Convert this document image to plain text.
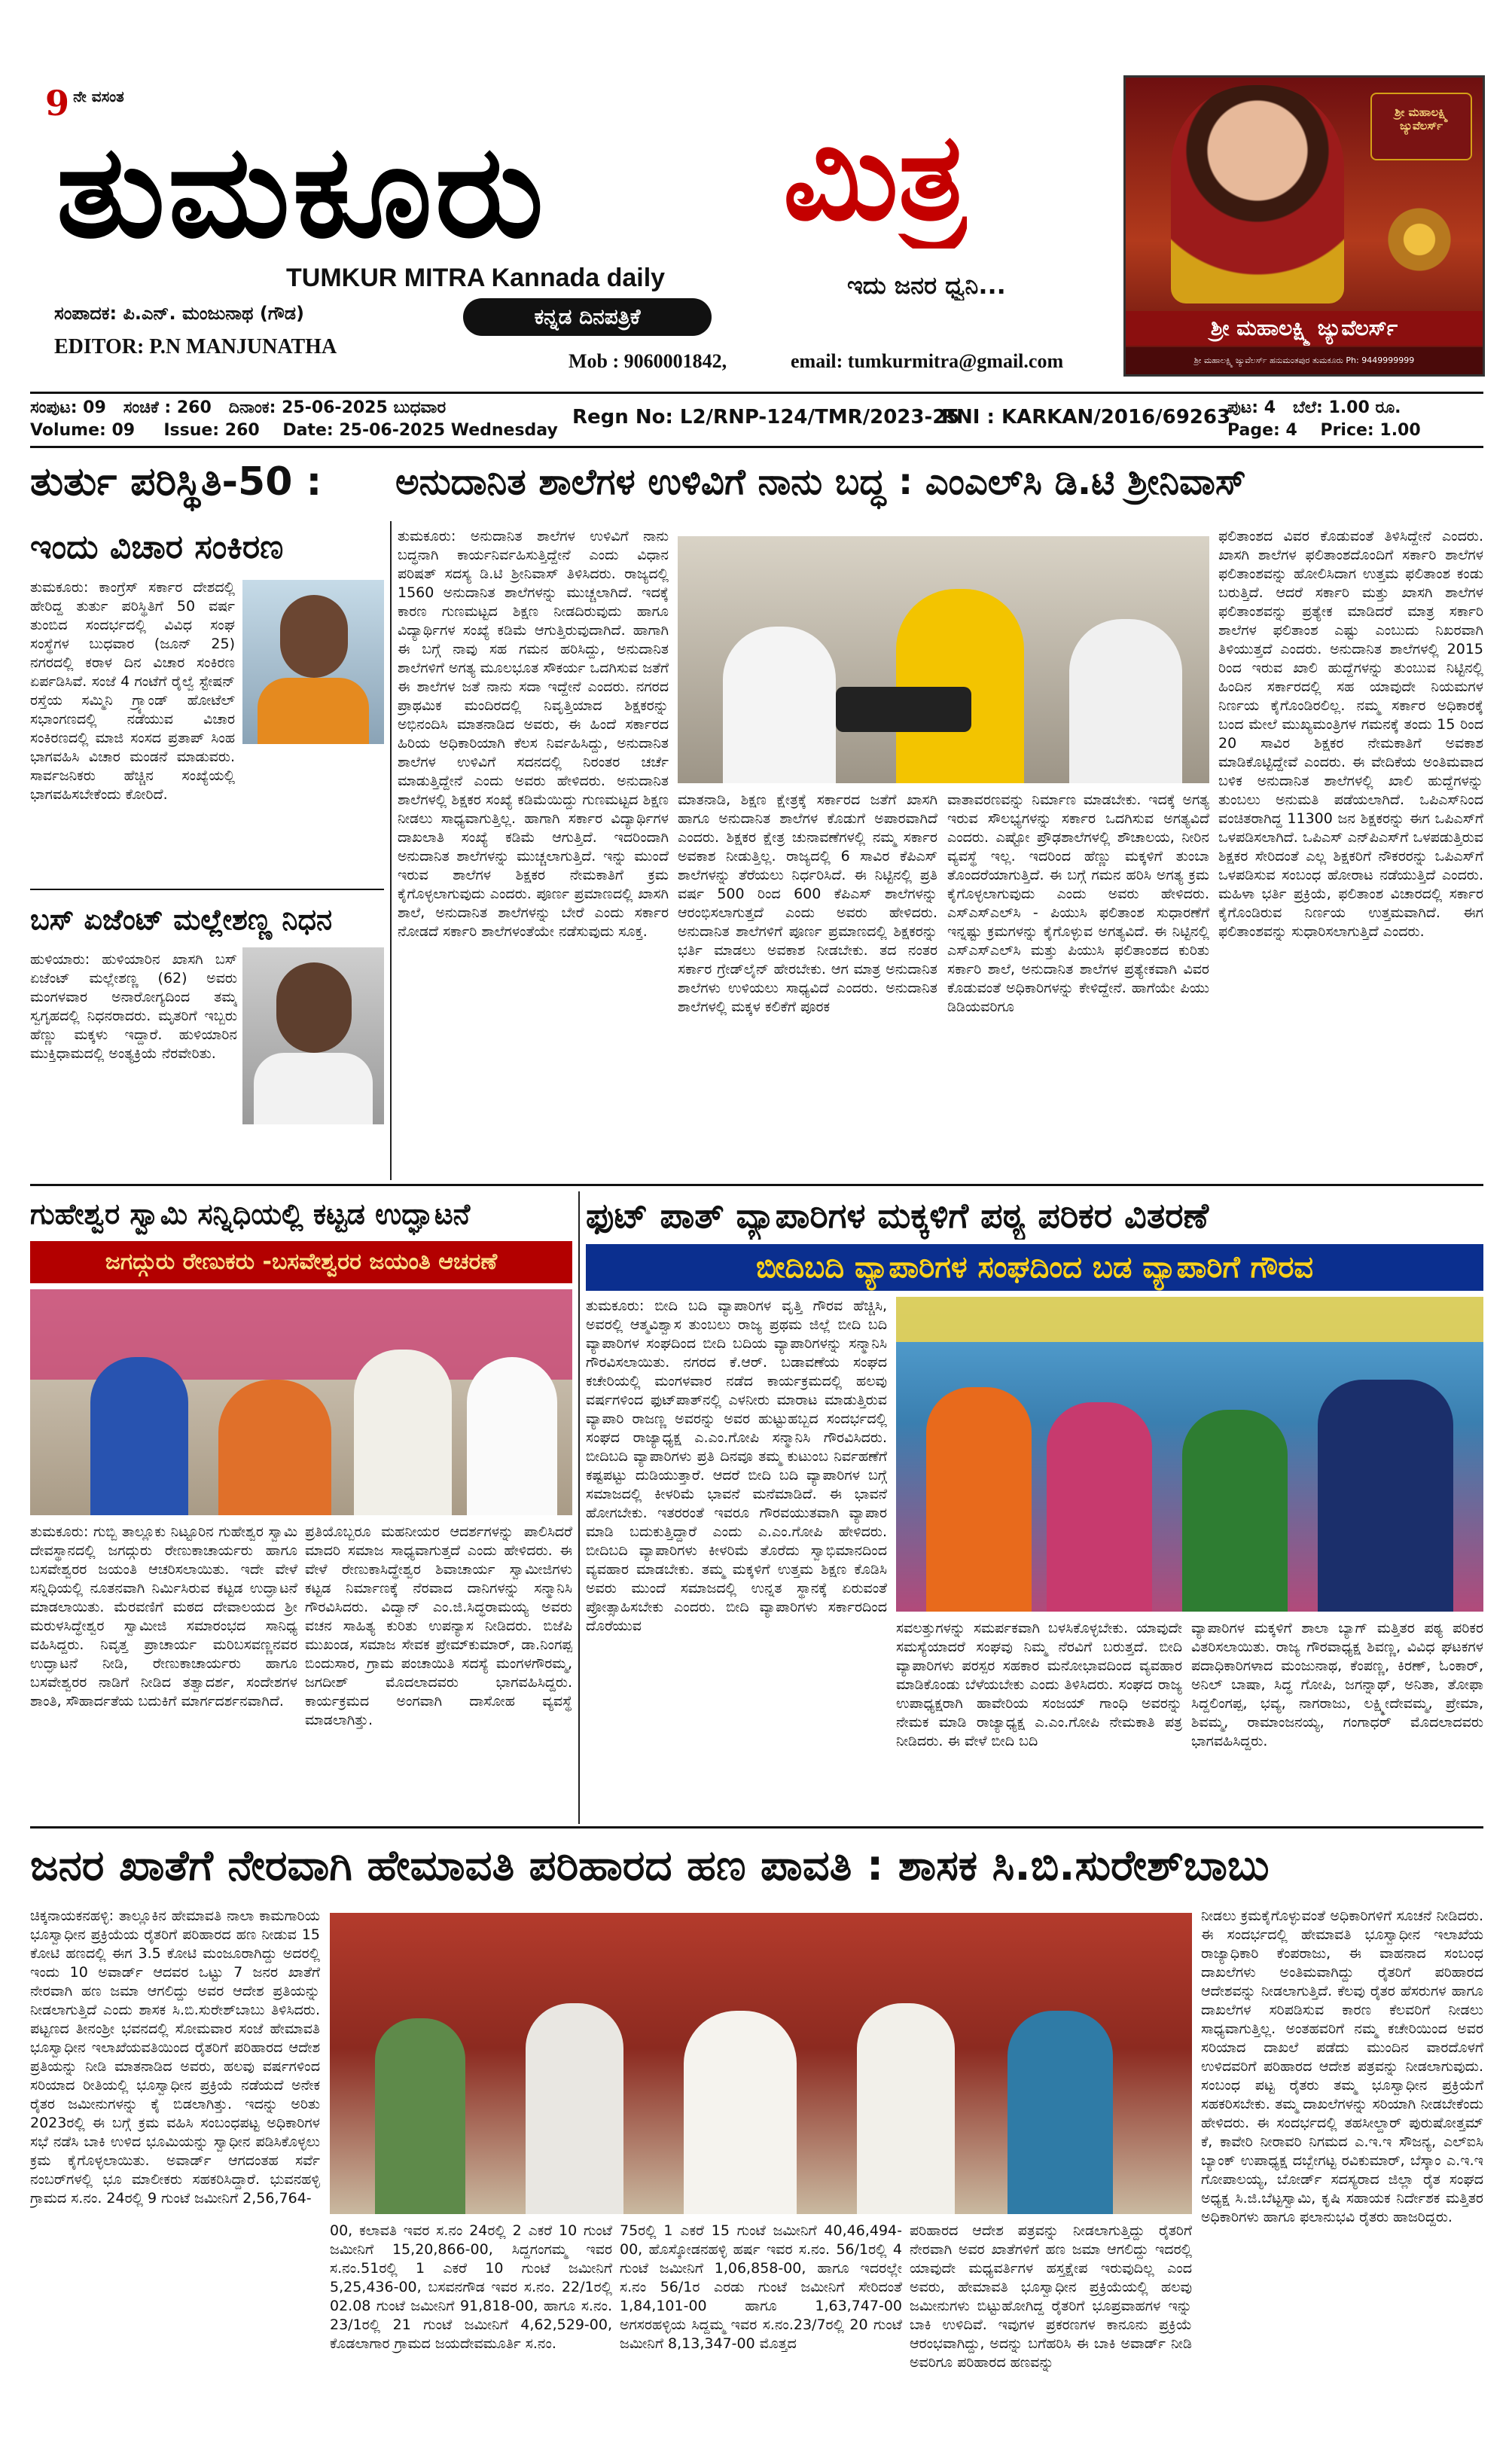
9 ನೇ ವಸಂತ
ತುಮಕೂರು ಮಿತ್ರ
TUMKUR MITRA Kannada daily	ಇದು ಜನರ ಧ್ವನಿ...
ಸಂಪಾದಕ: ಪಿ.ಎನ್. ಮಂಜುನಾಥ (ಗೌಡ)
EDITOR: P.N MANJUNATHA
ಕನ್ನಡ ದಿನಪತ್ರಿಕೆ
Mob : 9060001842,	email: tumkurmitra@gmail.com
ಶ್ರೀ ಮಹಾಲಕ್ಷ್ಮಿ ಜ್ಯುವೆಲರ್ಸ್
ಶ್ರೀ ಮಹಾಲಕ್ಷ್ಮಿ ಜ್ಯುವೆಲರ್ಸ್
ಶ್ರೀ ಮಹಾಲಕ್ಷ್ಮಿ ಜ್ಯುವೆಲರ್ಸ್ ಹನುಮಂತಪುರ ತುಮಕೂರು Ph: 9449999999
ಸಂಪುಟ: 09   ಸಂಚಿಕೆ : 260   ದಿನಾಂಕ: 25-06-2025 ಬುಧವಾರ
Volume: 09     Issue: 260    Date: 25-06-2025 Wednesday
Regn No: L2/RNP-124/TMR/2023-25
RNI : KARKAN/2016/69263
ಪುಟ: 4   ಬೆಲೆ: 1.00 ರೂ.
Page: 4    Price: 1.00
ತುರ್ತು ಪರಿಸ್ಥಿತಿ-50 :	ಅನುದಾನಿತ ಶಾಲೆಗಳ ಉಳಿವಿಗೆ ನಾನು ಬದ್ಧ : ಎಂಎಲ್‌ಸಿ ಡಿ.ಟಿ ಶ್ರೀನಿವಾಸ್
ಇಂದು ವಿಚಾರ ಸಂಕಿರಣ
ತುಮಕೂರು: ಕಾಂಗ್ರೆಸ್ ಸರ್ಕಾರ ದೇಶದಲ್ಲಿ ಹೇರಿದ್ದ ತುರ್ತು ಪರಿಸ್ಥಿತಿಗೆ 50 ವರ್ಷ ತುಂಬಿದ ಸಂದರ್ಭದಲ್ಲಿ ವಿವಿಧ ಸಂಘ ಸಂಸ್ಥೆಗಳ ಬುಧವಾರ (ಜೂನ್ 25) ನಗರದಲ್ಲಿ ಕರಾಳ ದಿನ ವಿಚಾರ ಸಂಕಿರಣ ಏರ್ಪಡಿಸಿವೆ. ಸಂಜೆ 4 ಗಂಟೆಗೆ ರೈಲ್ವೆ ಸ್ಟೇಷನ್ ರಸ್ತೆಯ ಸಮ್ಮಿನಿ ಗ್ರ್ಯಾಂಡ್ ಹೋಟೆಲ್ ಸಭಾಂಗಣದಲ್ಲಿ ನಡೆಯುವ ವಿಚಾರ ಸಂಕಿರಣದಲ್ಲಿ ಮಾಜಿ ಸಂಸದ ಪ್ರತಾಪ್ ಸಿಂಹ ಭಾಗವಹಿಸಿ ವಿಚಾರ ಮಂಡನೆ ಮಾಡುವರು. ಸಾರ್ವಜನಿಕರು ಹೆಚ್ಚಿನ ಸಂಖ್ಯೆಯಲ್ಲಿ ಭಾಗವಹಿಸಬೇಕೆಂದು ಕೋರಿದೆ.
ಬಸ್ ಏಜೆಂಟ್ ಮಲ್ಲೇಶಣ್ಣ ನಿಧನ
ಹುಳಿಯಾರು: ಹುಳಿಯಾರಿನ ಖಾಸಗಿ ಬಸ್ ಏಜೆಂಟ್ ಮಲ್ಲೇಶಣ್ಣ (62) ಅವರು ಮಂಗಳವಾರ ಅನಾರೋಗ್ಯದಿಂದ ತಮ್ಮ ಸ್ವಗೃಹದಲ್ಲಿ ನಿಧನರಾದರು. ಮೃತರಿಗೆ ಇಬ್ಬರು ಹೆಣ್ಣು ಮಕ್ಕಳು ಇದ್ದಾರೆ. ಹುಳಿಯಾರಿನ ಮುಕ್ತಿಧಾಮದಲ್ಲಿ ಅಂತ್ಯಕ್ರಿಯೆ ನೆರವೇರಿತು.
ತುಮಕೂರು: ಅನುದಾನಿತ ಶಾಲೆಗಳ ಉಳಿವಿಗೆ ನಾನು ಬದ್ಧನಾಗಿ ಕಾರ್ಯನಿರ್ವಹಿಸುತ್ತಿದ್ದೇನೆ ಎಂದು ವಿಧಾನ ಪರಿಷತ್ ಸದಸ್ಯ ಡಿ.ಟಿ ಶ್ರೀನಿವಾಸ್ ತಿಳಿಸಿದರು. ರಾಜ್ಯದಲ್ಲಿ 1560 ಅನುದಾನಿತ ಶಾಲೆಗಳನ್ನು ಮುಚ್ಚಲಾಗಿದೆ. ಇದಕ್ಕೆ ಕಾರಣ ಗುಣಮಟ್ಟದ ಶಿಕ್ಷಣ ನೀಡದಿರುವುದು ಹಾಗೂ ವಿದ್ಯಾರ್ಥಿಗಳ ಸಂಖ್ಯೆ ಕಡಿಮೆ ಆಗುತ್ತಿರುವುದಾಗಿದೆ. ಹಾಗಾಗಿ ಈ ಬಗ್ಗೆ ನಾವು ಸಹ ಗಮನ ಹರಿಸಿದ್ದು, ಅನುದಾನಿತ ಶಾಲೆಗಳಿಗೆ ಅಗತ್ಯ ಮೂಲಭೂತ ಸೌಕರ್ಯ ಒದಗಿಸುವ ಜತೆಗೆ ಈ ಶಾಲೆಗಳ ಜತೆ ನಾನು ಸದಾ ಇದ್ದೇನೆ ಎಂದರು. ನಗರದ ಪ್ರಾಥಮಿಕ ಮಂದಿರದಲ್ಲಿ ನಿವೃತ್ತಿಯಾದ ಶಿಕ್ಷಕರನ್ನು ಅಭಿನಂದಿಸಿ ಮಾತನಾಡಿದ ಅವರು, ಈ ಹಿಂದೆ ಸರ್ಕಾರದ ಹಿರಿಯ ಅಧಿಕಾರಿಯಾಗಿ ಕೆಲಸ ನಿರ್ವಹಿಸಿದ್ದು, ಅನುದಾನಿತ ಶಾಲೆಗಳ ಉಳಿವಿಗೆ ಸದನದಲ್ಲಿ ನಿರಂತರ ಚರ್ಚೆ ಮಾಡುತ್ತಿದ್ದೇನೆ ಎಂದು ಅವರು ಹೇಳಿದರು. ಅನುದಾನಿತ ಶಾಲೆಗಳಲ್ಲಿ ಶಿಕ್ಷಕರ ಸಂಖ್ಯೆ ಕಡಿಮೆಯಿದ್ದು ಗುಣಮಟ್ಟದ ಶಿಕ್ಷಣ ನೀಡಲು ಸಾಧ್ಯವಾಗುತ್ತಿಲ್ಲ. ಹಾಗಾಗಿ ಸರ್ಕಾರ ವಿದ್ಯಾರ್ಥಿಗಳ ದಾಖಲಾತಿ ಸಂಖ್ಯೆ ಕಡಿಮೆ ಆಗುತ್ತಿದೆ. ಇದರಿಂದಾಗಿ ಅನುದಾನಿತ ಶಾಲೆಗಳನ್ನು ಮುಚ್ಚಲಾಗುತ್ತಿದೆ. ಇನ್ನು ಮುಂದೆ ಇರುವ ಶಾಲೆಗಳ ಶಿಕ್ಷಕರ ನೇಮಕಾತಿಗೆ ಕ್ರಮ ಕೈಗೊಳ್ಳಲಾಗುವುದು ಎಂದರು. ಪೂರ್ಣ ಪ್ರಮಾಣದಲ್ಲಿ ಖಾಸಗಿ ಶಾಲೆ, ಅನುದಾನಿತ ಶಾಲೆಗಳನ್ನು ಬೇರೆ ಎಂದು ಸರ್ಕಾರ ನೋಡದೆ ಸರ್ಕಾರಿ ಶಾಲೆಗಳಂತೆಯೇ ನಡೆಸುವುದು ಸೂಕ್ತ.
ಮಾತನಾಡಿ, ಶಿಕ್ಷಣ ಕ್ಷೇತ್ರಕ್ಕೆ ಸರ್ಕಾರದ ಜತೆಗೆ ಖಾಸಗಿ ಹಾಗೂ ಅನುದಾನಿತ ಶಾಲೆಗಳ ಕೊಡುಗೆ ಅಪಾರವಾಗಿದೆ ಎಂದರು. ಶಿಕ್ಷಕರ ಕ್ಷೇತ್ರ ಚುನಾವಣೆಗಳಲ್ಲಿ ನಮ್ಮ ಸರ್ಕಾರ ಅವಕಾಶ ನೀಡುತ್ತಿಲ್ಲ. ರಾಜ್ಯದಲ್ಲಿ 6 ಸಾವಿರ ಕೆಪಿಎಸ್ ಶಾಲೆಗಳನ್ನು ತೆರೆಯಲು ನಿರ್ಧರಿಸಿದೆ. ಈ ನಿಟ್ಟಿನಲ್ಲಿ ಪ್ರತಿ ವರ್ಷ 500 ರಿಂದ 600 ಕೆಪಿಎಸ್ ಶಾಲೆಗಳನ್ನು ಆರಂಭಿಸಲಾಗುತ್ತದೆ ಎಂದು ಅವರು ಹೇಳಿದರು. ಅನುದಾನಿತ ಶಾಲೆಗಳಿಗೆ ಪೂರ್ಣ ಪ್ರಮಾಣದಲ್ಲಿ ಶಿಕ್ಷಕರನ್ನು ಭರ್ತಿ ಮಾಡಲು ಅವಕಾಶ ನೀಡಬೇಕು. ತದ ನಂತರ ಸರ್ಕಾರ ಗ್ರೇಡ್‌ಲೈನ್ ಹೇರಬೇಕು. ಆಗ ಮಾತ್ರ ಅನುದಾನಿತ ಶಾಲೆಗಳು ಉಳಿಯಲು ಸಾಧ್ಯವಿದೆ ಎಂದರು. ಅನುದಾನಿತ ಶಾಲೆಗಳಲ್ಲಿ ಮಕ್ಕಳ ಕಲಿಕೆಗೆ ಪೂರಕ
ವಾತಾವರಣವನ್ನು ನಿರ್ಮಾಣ ಮಾಡಬೇಕು. ಇದಕ್ಕೆ ಅಗತ್ಯ ಇರುವ ಸೌಲಭ್ಯಗಳನ್ನು ಸರ್ಕಾರ ಒದಗಿಸುವ ಅಗತ್ಯವಿದೆ ಎಂದರು. ಎಷ್ಟೋ ಪ್ರೌಢಶಾಲೆಗಳಲ್ಲಿ ಶೌಚಾಲಯ, ನೀರಿನ ವ್ಯವಸ್ಥೆ ಇಲ್ಲ. ಇದರಿಂದ ಹೆಣ್ಣು ಮಕ್ಕಳಿಗೆ ತುಂಬಾ ತೊಂದರೆಯಾಗುತ್ತಿದೆ. ಈ ಬಗ್ಗೆ ಗಮನ ಹರಿಸಿ ಅಗತ್ಯ ಕ್ರಮ ಕೈಗೊಳ್ಳಲಾಗುವುದು ಎಂದು ಅವರು ಹೇಳಿದರು. ಎಸ್ಎಸ್ಎಲ್‌ಸಿ - ಪಿಯುಸಿ ಫಲಿತಾಂಶ ಸುಧಾರಣೆಗೆ ಇನ್ನಷ್ಟು ಕ್ರಮಗಳನ್ನು ಕೈಗೊಳ್ಳುವ ಅಗತ್ಯವಿದೆ. ಈ ನಿಟ್ಟಿನಲ್ಲಿ ಎಸ್ಎಸ್ಎಲ್‌ಸಿ ಮತ್ತು ಪಿಯುಸಿ ಫಲಿತಾಂಶದ ಕುರಿತು ಸರ್ಕಾರಿ ಶಾಲೆ, ಅನುದಾನಿತ ಶಾಲೆಗಳ ಪ್ರತ್ಯೇಕವಾಗಿ ವಿವರ ಕೊಡುವಂತೆ ಅಧಿಕಾರಿಗಳನ್ನು ಕೇಳಿದ್ದೇನೆ. ಹಾಗೆಯೇ ಪಿಯು ಡಿಡಿಯವರಿಗೂ
ಫಲಿತಾಂಶದ ವಿವರ ಕೊಡುವಂತೆ ತಿಳಿಸಿದ್ದೇನೆ ಎಂದರು. ಖಾಸಗಿ ಶಾಲೆಗಳ ಫಲಿತಾಂಶದೊಂದಿಗೆ ಸರ್ಕಾರಿ ಶಾಲೆಗಳ ಫಲಿತಾಂಶವನ್ನು ಹೋಲಿಸಿದಾಗ ಉತ್ತಮ ಫಲಿತಾಂಶ ಕಂಡು ಬರುತ್ತಿದೆ. ಆದರೆ ಸರ್ಕಾರಿ ಮತ್ತು ಖಾಸಗಿ ಶಾಲೆಗಳ ಫಲಿತಾಂಶವನ್ನು ಪ್ರತ್ಯೇಕ ಮಾಡಿದರೆ ಮಾತ್ರ ಸರ್ಕಾರಿ ಶಾಲೆಗಳ ಫಲಿತಾಂಶ ಎಷ್ಟು ಎಂಬುದು ನಿಖರವಾಗಿ ತಿಳಿಯುತ್ತದೆ ಎಂದರು. ಅನುದಾನಿತ ಶಾಲೆಗಳಲ್ಲಿ 2015 ರಿಂದ ಇರುವ ಖಾಲಿ ಹುದ್ದೆಗಳನ್ನು ತುಂಬುವ ನಿಟ್ಟಿನಲ್ಲಿ ಹಿಂದಿನ ಸರ್ಕಾರದಲ್ಲಿ ಸಹ ಯಾವುದೇ ನಿಯಮಗಳ ನಿರ್ಣಯ ಕೈಗೊಂಡಿರಲಿಲ್ಲ. ನಮ್ಮ ಸರ್ಕಾರ ಅಧಿಕಾರಕ್ಕೆ ಬಂದ ಮೇಲೆ ಮುಖ್ಯಮಂತ್ರಿಗಳ ಗಮನಕ್ಕೆ ತಂದು 15 ರಿಂದ 20 ಸಾವಿರ ಶಿಕ್ಷಕರ ನೇಮಕಾತಿಗೆ ಅವಕಾಶ ಮಾಡಿಕೊಟ್ಟಿದ್ದೇವೆ ಎಂದರು. ಈ ವೇದಿಕೆಯ ಅಂತಿಮವಾದ ಬಳಿಕ ಅನುದಾನಿತ ಶಾಲೆಗಳಲ್ಲಿ ಖಾಲಿ ಹುದ್ದೆಗಳನ್ನು ತುಂಬಲು ಅನುಮತಿ ಪಡೆಯಲಾಗಿದೆ. ಒಪಿಎಸ್‌ನಿಂದ ವಂಚಿತರಾಗಿದ್ದ 11300 ಜನ ಶಿಕ್ಷಕರನ್ನು ಈಗ ಒಪಿಎಸ್‌ಗೆ ಒಳಪಡಿಸಲಾಗಿದೆ. ಒಪಿಎಸ್ ಎನ್‌ಪಿಎಸ್‌ಗೆ ಒಳಪಡುತ್ತಿರುವ ಶಿಕ್ಷಕರ ಸೇರಿದಂತೆ ಎಲ್ಲ ಶಿಕ್ಷಕರಿಗೆ ನೌಕರರನ್ನು ಒಪಿಎಸ್‌ಗೆ ಒಳಪಡಿಸುವ ಸಂಬಂಧ ಹೋರಾಟ ನಡೆಯುತ್ತಿದೆ ಎಂದರು. ಮಹಿಳಾ ಭರ್ತಿ ಪ್ರಕ್ರಿಯೆ, ಫಲಿತಾಂಶ ವಿಚಾರದಲ್ಲಿ ಸರ್ಕಾರ ಕೈಗೊಂಡಿರುವ ನಿರ್ಣಯ ಉತ್ತಮವಾಗಿದೆ. ಈಗ ಫಲಿತಾಂಶವನ್ನು ಸುಧಾರಿಸಲಾಗುತ್ತಿದೆ ಎಂದರು.
ಗುಹೇಶ್ವರ ಸ್ವಾಮಿ ಸನ್ನಿಧಿಯಲ್ಲಿ ಕಟ್ಟಡ ಉದ್ಘಾಟನೆ
ಜಗದ್ಗುರು ರೇಣುಕರು -ಬಸವೇಶ್ವರರ ಜಯಂತಿ ಆಚರಣೆ
ತುಮಕೂರು: ಗುಬ್ಬಿ ತಾಲ್ಲೂಕು ನಿಟ್ಟೂರಿನ ಗುಹೇಶ್ವರ ಸ್ವಾಮಿ ದೇವಸ್ಥಾನದಲ್ಲಿ ಜಗದ್ಗುರು ರೇಣುಕಾಚಾರ್ಯರು ಹಾಗೂ ಬಸವೇಶ್ವರರ ಜಯಂತಿ ಆಚರಿಸಲಾಯಿತು. ಇದೇ ವೇಳೆ ಸನ್ನಿಧಿಯಲ್ಲಿ ನೂತನವಾಗಿ ನಿರ್ಮಿಸಿರುವ ಕಟ್ಟಡ ಉದ್ಘಾಟನೆ ಮಾಡಲಾಯಿತು. ಮೆರವಣಿಗೆ ಮಠದ ದೇವಾಲಯದ ಶ್ರೀ ಮರುಳಸಿದ್ಧೇಶ್ವರ ಸ್ವಾಮೀಜಿ ಸಮಾರಂಭದ ಸಾನಿಧ್ಯ ವಹಿಸಿದ್ದರು. ನಿವೃತ್ತ ಪ್ರಾಚಾರ್ಯ ಮರಿಬಸವಣ್ಣನವರ ಉದ್ಘಾಟನೆ ನೀಡಿ, ರೇಣುಕಾಚಾರ್ಯರು ಹಾಗೂ ಬಸವೇಶ್ವರರ ನಾಡಿಗೆ ನೀಡಿದ ತತ್ವಾದರ್ಶ, ಸಂದೇಶಗಳ ಶಾಂತಿ, ಸೌಹಾರ್ದತೆಯ ಬದುಕಿಗೆ ಮಾರ್ಗದರ್ಶನವಾಗಿದೆ.
ಪ್ರತಿಯೊಬ್ಬರೂ ಮಹನೀಯರ ಆದರ್ಶಗಳನ್ನು ಪಾಲಿಸಿದರೆ ಮಾದರಿ ಸಮಾಜ ಸಾಧ್ಯವಾಗುತ್ತದೆ ಎಂದು ಹೇಳಿದರು. ಈ ವೇಳೆ ರೇಣುಕಾಸಿದ್ಧೇಶ್ವರ ಶಿವಾಚಾರ್ಯ ಸ್ವಾಮೀಜಿಗಳು ಕಟ್ಟಡ ನಿರ್ಮಾಣಕ್ಕೆ ನೆರವಾದ ದಾನಿಗಳನ್ನು ಸನ್ಮಾನಿಸಿ ಗೌರವಿಸಿದರು. ವಿದ್ವಾನ್ ಎಂ.ಜಿ.ಸಿದ್ಧರಾಮಯ್ಯ ಅವರು ವಚನ ಸಾಹಿತ್ಯ ಕುರಿತು ಉಪನ್ಯಾಸ ನೀಡಿದರು. ಬಿಜೆಪಿ ಮುಖಂಡ, ಸಮಾಜ ಸೇವಕ ಪ್ರೇಮ್‌ಕುಮಾರ್, ಡಾ.ನಿಂಗಪ್ಪ ಬಿಂದುಸಾರ, ಗ್ರಾಮ ಪಂಚಾಯಿತಿ ಸದಸ್ಯೆ ಮಂಗಳಗೌರಮ್ಮ, ಜಗದೀಶ್ ಮೊದಲಾದವರು ಭಾಗವಹಿಸಿದ್ದರು. ಕಾರ್ಯಕ್ರಮದ ಅಂಗವಾಗಿ ದಾಸೋಹ ವ್ಯವಸ್ಥೆ ಮಾಡಲಾಗಿತ್ತು.
ಫುಟ್ ಪಾತ್ ವ್ಯಾಪಾರಿಗಳ ಮಕ್ಕಳಿಗೆ ಪಠ್ಯ ಪರಿಕರ ವಿತರಣೆ
ಬೀದಿಬದಿ ವ್ಯಾಪಾರಿಗಳ ಸಂಘದಿಂದ ಬಡ ವ್ಯಾಪಾರಿಗೆ ಗೌರವ
ತುಮಕೂರು: ಬೀದಿ ಬದಿ ವ್ಯಾಪಾರಿಗಳ ವೃತ್ತಿ ಗೌರವ ಹೆಚ್ಚಿಸಿ, ಅವರಲ್ಲಿ ಆತ್ಮವಿಶ್ವಾಸ ತುಂಬಲು ರಾಜ್ಯ ಪ್ರಥಮ ಜಿಲ್ಲೆ ಬೀದಿ ಬದಿ ವ್ಯಾಪಾರಿಗಳ ಸಂಘದಿಂದ ಬೀದಿ ಬದಿಯ ವ್ಯಾಪಾರಿಗಳನ್ನು ಸನ್ಮಾನಿಸಿ ಗೌರವಿಸಲಾಯಿತು. ನಗರದ ಕೆ.ಆರ್. ಬಡಾವಣೆಯ ಸಂಘದ ಕಚೇರಿಯಲ್ಲಿ ಮಂಗಳವಾರ ನಡೆದ ಕಾರ್ಯಕ್ರಮದಲ್ಲಿ ಹಲವು ವರ್ಷಗಳಿಂದ ಫುಟ್‌ಪಾತ್‌ನಲ್ಲಿ ಎಳನೀರು ಮಾರಾಟ ಮಾಡುತ್ತಿರುವ ವ್ಯಾಪಾರಿ ರಾಜಣ್ಣ ಅವರನ್ನು ಅವರ ಹುಟ್ಟುಹಬ್ಬದ ಸಂದರ್ಭದಲ್ಲಿ ಸಂಘದ ರಾಜ್ಯಾಧ್ಯಕ್ಷ ಎ.ಎಂ.ಗೋಪಿ ಸನ್ಮಾನಿಸಿ ಗೌರವಿಸಿದರು. ಬೀದಿಬದಿ ವ್ಯಾಪಾರಿಗಳು ಪ್ರತಿ ದಿನವೂ ತಮ್ಮ ಕುಟುಂಬ ನಿರ್ವಹಣೆಗೆ ಕಷ್ಟಪಟ್ಟು ದುಡಿಯುತ್ತಾರೆ. ಆದರೆ ಬೀದಿ ಬದಿ ವ್ಯಾಪಾರಿಗಳ ಬಗ್ಗೆ ಸಮಾಜದಲ್ಲಿ ಕೀಳರಿಮೆ ಭಾವನೆ ಮನೆಮಾಡಿದೆ. ಈ ಭಾವನೆ ಹೋಗಬೇಕು. ಇತರರಂತೆ ಇವರೂ ಗೌರವಯುತವಾಗಿ ವ್ಯಾಪಾರ ಮಾಡಿ ಬದುಕುತ್ತಿದ್ದಾರೆ ಎಂದು ಎ.ಎಂ.ಗೋಪಿ ಹೇಳಿದರು. ಬೀದಿಬದಿ ವ್ಯಾಪಾರಿಗಳು ಕೀಳರಿಮೆ ತೊರೆದು ಸ್ವಾಭಿಮಾನದಿಂದ ವ್ಯವಹಾರ ಮಾಡಬೇಕು. ತಮ್ಮ ಮಕ್ಕಳಿಗೆ ಉತ್ತಮ ಶಿಕ್ಷಣ ಕೊಡಿಸಿ ಅವರು ಮುಂದೆ ಸಮಾಜದಲ್ಲಿ ಉನ್ನತ ಸ್ಥಾನಕ್ಕೆ ಏರುವಂತೆ ಪ್ರೋತ್ಸಾಹಿಸಬೇಕು ಎಂದರು. ಬೀದಿ ವ್ಯಾಪಾರಿಗಳು ಸರ್ಕಾರದಿಂದ ದೊರೆಯುವ	ಸವಲತ್ತುಗಳನ್ನು ಸಮರ್ಪಕವಾಗಿ ಬಳಸಿಕೊಳ್ಳಬೇಕು. ಯಾವುದೇ ಸಮಸ್ಯೆಯಾದರೆ ಸಂಘವು ನಿಮ್ಮ ನೆರವಿಗೆ ಬರುತ್ತದೆ. ಬೀದಿ ವ್ಯಾಪಾರಿಗಳು ಪರಸ್ಪರ ಸಹಕಾರ ಮನೋಭಾವದಿಂದ ವ್ಯವಹಾರ ಮಾಡಿಕೊಂಡು ಬೆಳೆಯಬೇಕು ಎಂದು ತಿಳಿಸಿದರು. ಸಂಘದ ರಾಜ್ಯ ಉಪಾಧ್ಯಕ್ಷರಾಗಿ ಹಾವೇರಿಯ ಸಂಜಯ್ ಗಾಂಧಿ ಅವರನ್ನು ನೇಮಕ ಮಾಡಿ ರಾಜ್ಯಾಧ್ಯಕ್ಷ ಎ.ಎಂ.ಗೋಪಿ ನೇಮಕಾತಿ ಪತ್ರ ನೀಡಿದರು. ಈ ವೇಳೆ ಬೀದಿ ಬದಿ
ವ್ಯಾಪಾರಿಗಳ ಮಕ್ಕಳಿಗೆ ಶಾಲಾ ಬ್ಯಾಗ್ ಮತ್ತಿತರ ಪಠ್ಯ ಪರಿಕರ ವಿತರಿಸಲಾಯಿತು. ರಾಜ್ಯ ಗೌರವಾಧ್ಯಕ್ಷ ಶಿವಣ್ಣ, ವಿವಿಧ ಘಟಕಗಳ ಪದಾಧಿಕಾರಿಗಳಾದ ಮಂಜುನಾಥ, ಕೆಂಪಣ್ಣ, ಕಿರಣ್, ಓಂಕಾರ್, ಅನಿಲ್ ಬಾಷಾ, ಸಿದ್ಧ ಗೋಪಿ, ಜಗನ್ನಾಥ್, ಅನಿತಾ, ತೋಫಾ ಸಿದ್ದಲಿಂಗಪ್ಪ, ಭವ್ಯ, ನಾಗರಾಜು, ಲಕ್ಷ್ಮೀದೇವಮ್ಮ, ಪ್ರೇಮಾ, ಶಿವಮ್ಮ, ರಾಮಾಂಜನಯ್ಯ, ಗಂಗಾಧರ್ ಮೊದಲಾದವರು ಭಾಗವಹಿಸಿದ್ದರು.
ಜನರ ಖಾತೆಗೆ ನೇರವಾಗಿ ಹೇಮಾವತಿ ಪರಿಹಾರದ ಹಣ ಪಾವತಿ : ಶಾಸಕ ಸಿ.ಬಿ.ಸುರೇಶ್‌ಬಾಬು
ಚಿಕ್ಕನಾಯಕನಹಳ್ಳಿ: ತಾಲ್ಲೂಕಿನ ಹೇಮಾವತಿ ನಾಲಾ ಕಾಮಗಾರಿಯ ಭೂಸ್ವಾಧೀನ ಪ್ರಕ್ರಿಯೆಯ ರೈತರಿಗೆ ಪರಿಹಾರದ ಹಣ ನೀಡುವ 15 ಕೋಟಿ ಹಣದಲ್ಲಿ ಈಗ 3.5 ಕೋಟಿ ಮಂಜೂರಾಗಿದ್ದು ಅದರಲ್ಲಿ ಇಂದು 10 ಅವಾರ್ಡ್ ಆದವರ ಒಟ್ಟು 7 ಜನರ ಖಾತೆಗೆ ನೇರವಾಗಿ ಹಣ ಜಮಾ ಆಗಲಿದ್ದು ಅವರ ಆದೇಶ ಪ್ರತಿಯನ್ನು ನೀಡಲಾಗುತ್ತಿದೆ ಎಂದು ಶಾಸಕ ಸಿ.ಬಿ.ಸುರೇಶ್‌ಬಾಬು ತಿಳಿಸಿದರು. ಪಟ್ಟಣದ ತೀನಂಶ್ರೀ ಭವನದಲ್ಲಿ ಸೋಮವಾರ ಸಂಜೆ ಹೇಮಾವತಿ ಭೂಸ್ವಾಧೀನ ಇಲಾಖೆಯವತಿಯಿಂದ ರೈತರಿಗೆ ಪರಿಹಾರದ ಆದೇಶ ಪ್ರತಿಯನ್ನು ನೀಡಿ ಮಾತನಾಡಿದ ಅವರು, ಹಲವು ವರ್ಷಗಳಿಂದ ಸರಿಯಾದ ರೀತಿಯಲ್ಲಿ ಭೂಸ್ವಾಧೀನ ಪ್ರಕ್ರಿಯೆ ನಡೆಯದೆ ಅನೇಕ ರೈತರ ಜಮೀನುಗಳನ್ನು ಕೈ ಬಿಡಲಾಗಿತ್ತು. ಇದನ್ನು ಅರಿತು 2023ರಲ್ಲಿ ಈ ಬಗ್ಗೆ ಕ್ರಮ ವಹಿಸಿ ಸಂಬಂಧಪಟ್ಟ ಅಧಿಕಾರಿಗಳ ಸಭೆ ನಡೆಸಿ ಬಾಕಿ ಉಳಿದ ಭೂಮಿಯನ್ನು ಸ್ವಾಧೀನ ಪಡಿಸಿಕೊಳ್ಳಲು ಕ್ರಮ ಕೈಗೊಳ್ಳಲಾಯಿತು. ಅವಾರ್ಡ್ ಆಗದಂತಹ ಸರ್ವೆ ನಂಬರ್‌ಗಳಲ್ಲಿ ಭೂ ಮಾಲೀಕರು ಸಹಕರಿಸಿದ್ದಾರೆ. ಭುವನಹಳ್ಳಿ ಗ್ರಾಮದ ಸ.ನಂ. 24ರಲ್ಲಿ 9 ಗುಂಟೆ ಜಮೀನಿಗೆ 2,56,764-
00, ಕಲಾವತಿ ಇವರ ಸ.ನಂ 24ರಲ್ಲಿ 2 ಎಕರೆ 10 ಗುಂಟೆ ಜಮೀನಿಗೆ 15,20,866-00, ಸಿದ್ದಗಂಗಮ್ಮ ಇವರ ಸ.ನಂ.51ರಲ್ಲಿ 1 ಎಕರೆ 10 ಗುಂಟೆ ಜಮೀನಿಗೆ 5,25,436-00, ಬಸವನಗೌಡ ಇವರ ಸ.ನಂ. 22/1ರಲ್ಲಿ 02.08 ಗುಂಟೆ ಜಮೀನಿಗೆ 91,818-00, ಹಾಗೂ ಸ.ನಂ. 23/1ರಲ್ಲಿ 21 ಗುಂಟೆ ಜಮೀನಿಗೆ 4,62,529-00, ಕೊಡಲಾಗಾರ ಗ್ರಾಮದ ಜಯದೇವಮೂರ್ತಿ ಸ.ನಂ.
75ರಲ್ಲಿ 1 ಎಕರೆ 15 ಗುಂಟೆ ಜಮೀನಿಗೆ 40,46,494-00, ಹೊಸ್ಕೋಡನಹಳ್ಳಿ ಹರ್ಷ ಇವರ ಸ.ನಂ. 56/1ರಲ್ಲಿ 4 ಗುಂಟೆ ಜಮೀನಿಗೆ 1,06,858-00, ಹಾಗೂ ಇದರಲ್ಲೇ ಸ.ನಂ 56/1ರ ಎರಡು ಗುಂಟೆ ಜಮೀನಿಗೆ ಸೇರಿದಂತೆ 1,84,101-00 ಹಾಗೂ 1,63,747-00 ಅಗಸರಹಳ್ಳಿಯ ಸಿದ್ದಮ್ಮ ಇವರ ಸ.ನಂ.23/7ರಲ್ಲಿ 20 ಗುಂಟೆ ಜಮೀನಿಗೆ 8,13,347-00 ಮೊತ್ತದ
ಪರಿಹಾರದ ಆದೇಶ ಪತ್ರವನ್ನು ನೀಡಲಾಗುತ್ತಿದ್ದು ರೈತರಿಗೆ ನೇರವಾಗಿ ಅವರ ಖಾತೆಗಳಿಗೆ ಹಣ ಜಮಾ ಆಗಲಿದ್ದು ಇದರಲ್ಲಿ ಯಾವುದೇ ಮಧ್ಯವರ್ತಿಗಳ ಹಸ್ತಕ್ಷೇಪ ಇರುವುದಿಲ್ಲ ಎಂದ ಅವರು, ಹೇಮಾವತಿ ಭೂಸ್ವಾಧೀನ ಪ್ರಕ್ರಿಯೆಯಲ್ಲಿ ಹಲವು ಜಮೀನುಗಳು ಬಿಟ್ಟುಹೋಗಿದ್ದ ರೈತರಿಗೆ ಭೂಪ್ರವಾಹಗಳ ಇನ್ನು ಬಾಕಿ ಉಳಿದಿವೆ. ಇವುಗಳ ಪ್ರಕರಣಗಳ ಕಾನೂನು ಪ್ರಕ್ರಿಯೆ ಆರಂಭವಾಗಿದ್ದು, ಅದನ್ನು ಬಗೆಹರಿಸಿ ಈ ಬಾಕಿ ಅವಾರ್ಡ್ ನೀಡಿ ಅವರಿಗೂ ಪರಿಹಾರದ ಹಣವನ್ನು
ನೀಡಲು ಕ್ರಮಕೈಗೊಳ್ಳುವಂತೆ ಅಧಿಕಾರಿಗಳಿಗೆ ಸೂಚನೆ ನೀಡಿದರು. ಈ ಸಂದರ್ಭದಲ್ಲಿ ಹೇಮಾವತಿ ಭೂಸ್ವಾಧೀನ ಇಲಾಖೆಯ ರಾಜ್ಯಾಧಿಕಾರಿ ಕೆಂಪರಾಜು, ಈ ವಾಹನಾದ ಸಂಬಂಧ ದಾಖಲೆಗಳು ಅಂತಿಮವಾಗಿದ್ದು ರೈತರಿಗೆ ಪರಿಹಾರದ ಆದೇಶವನ್ನು ನೀಡಲಾಗುತ್ತಿದೆ. ಕೆಲವು ರೈತರ ಹೆಸರುಗಳ ಹಾಗೂ ದಾಖಲೆಗಳ ಸರಿಪಡಿಸುವ ಕಾರಣ ಕೆಲವರಿಗೆ ನೀಡಲು ಸಾಧ್ಯವಾಗುತ್ತಿಲ್ಲ. ಅಂತಹವರಿಗೆ ನಮ್ಮ ಕಚೇರಿಯಿಂದ ಅವರ ಸರಿಯಾದ ದಾಖಲೆ ಪಡೆದು ಮುಂದಿನ ವಾರದೊಳಗೆ ಉಳಿದವರಿಗೆ ಪರಿಹಾರದ ಆದೇಶ ಪತ್ರವನ್ನು ನೀಡಲಾಗುವುದು. ಸಂಬಂಧ ಪಟ್ಟ ರೈತರು ತಮ್ಮ ಭೂಸ್ವಾಧೀನ ಪ್ರಕ್ರಿಯೆಗೆ ಸಹಕರಿಸಬೇಕು. ತಮ್ಮ ದಾಖಲೆಗಳನ್ನು ಸರಿಯಾಗಿ ನೀಡಬೇಕೆಂದು ಹೇಳಿದರು. ಈ ಸಂದರ್ಭದಲ್ಲಿ ತಹಸೀಲ್ದಾರ್ ಪುರುಷೋತ್ತಮ್ ಕೆ, ಕಾವೇರಿ ನೀರಾವರಿ ನಿಗಮದ ಎ.ಇ.ಇ ಸೌಜನ್ಯ, ಎಲ್‌ಐಸಿ ಬ್ಯಾಂಕ್ ಉಪಾಧ್ಯಕ್ಷ ದಬ್ಬೇಗಟ್ಟ ರವಿಕುಮಾರ್, ಬೆಸ್ಕಾಂ ಎ.ಇ.ಇ ಗೋಪಾಲಯ್ಯ, ಬೋರ್ಡ್ ಸದಸ್ಯರಾದ ಜಿಲ್ಲಾ ರೈತ ಸಂಘದ ಅಧ್ಯಕ್ಷ ಸಿ.ಜಿ.ಬೆಟ್ಟಸ್ವಾಮಿ, ಕೃಷಿ ಸಹಾಯಕ ನಿರ್ದೇಶಕ ಮತ್ತಿತರ ಅಧಿಕಾರಿಗಳು ಹಾಗೂ ಫಲಾನುಭವಿ ರೈತರು ಹಾಜರಿದ್ದರು.
